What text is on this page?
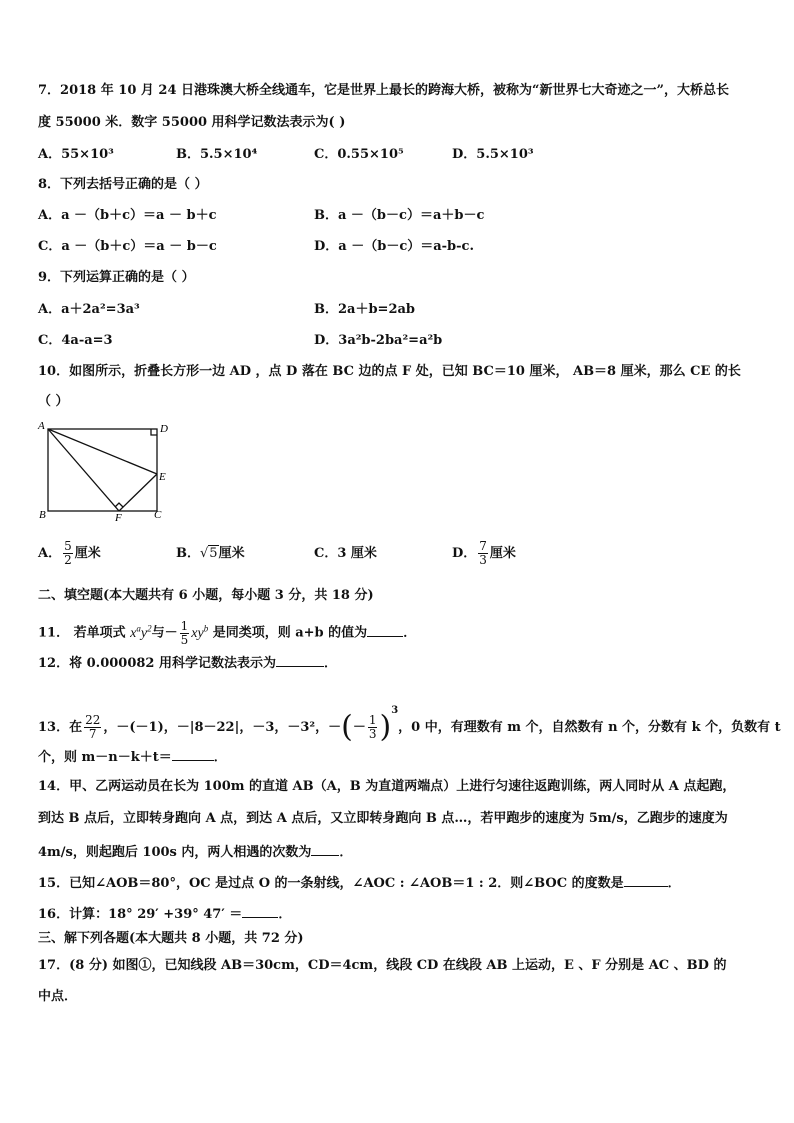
7．2018 年 10 月 24 日港珠澳大桥全线通车，它是世界上最长的跨海大桥，被称为“新世界七大奇迹之一”，大桥总长
度 55000 米．数字 55000 用科学记数法表示为( )
A．55×10³	B．5.5×10⁴	C．0.55×10⁵	D．5.5×10³
8．下列去括号正确的是（ ）
A．a －（b＋c）＝a － b＋c	B．a －（b－c）＝a＋b－c
C．a －（b＋c）＝a － b－c	D．a －（b－c）＝a-b-c.
9．下列运算正确的是（ ）
A．a＋2a²=3a³	B．2a＋b=2ab
C．4a-a=3	D．3a²b-2ba²=a²b
10．如图所示，折叠长方形一边 AD ，点 D 落在 BC 边的点 F 处，已知 BC＝10 厘米， AB＝8 厘米，那么 CE 的长
（ ）
A	D
E
B	F	C
A． $\frac{5}{2}$ 厘米	B．√5厘米	C．3 厘米	D． $\frac{7}{3}$ 厘米
二、填空题(本大题共有 6 小题，每小题 3 分，共 18 分)
11． 若单项式 $x^ay^2$与－ $\frac{1}{5} xy^b$ 是同类项，则 a+b 的值为	．
12．将 0.000082 用科学记数法表示为	．
13．在 $\frac{22}{7}$ ，－(－1)，－|8－22|，－3，－3²，－(－ $\frac{1}{3} )^3$，0 中，有理数有 m 个，自然数有 n 个，分数有 k 个，负数有 t
个，则 m－n－k＋t＝	．
14．甲、乙两运动员在长为 100m 的直道 AB（A，B 为直道两端点）上进行匀速往返跑训练，两人同时从 A 点起跑，
到达 B 点后，立即转身跑向 A 点，到达 A 点后，又立即转身跑向 B 点…，若甲跑步的速度为 5m/s，乙跑步的速度为
4m/s，则起跑后 100s 内，两人相遇的次数为 ．
15．已知∠AOB＝80°，OC 是过点 O 的一条射线，∠AOC : ∠AOB＝1 : 2．则∠BOC 的度数是	．
16．计算：18° 29′ +39° 47′ ＝	．
三、解下列各题(本大题共 8 小题，共 72 分)
17．(8 分) 如图①，已知线段 AB＝30cm，CD＝4cm，线段 CD 在线段 AB 上运动，E 、F 分别是 AC 、BD 的
中点．
